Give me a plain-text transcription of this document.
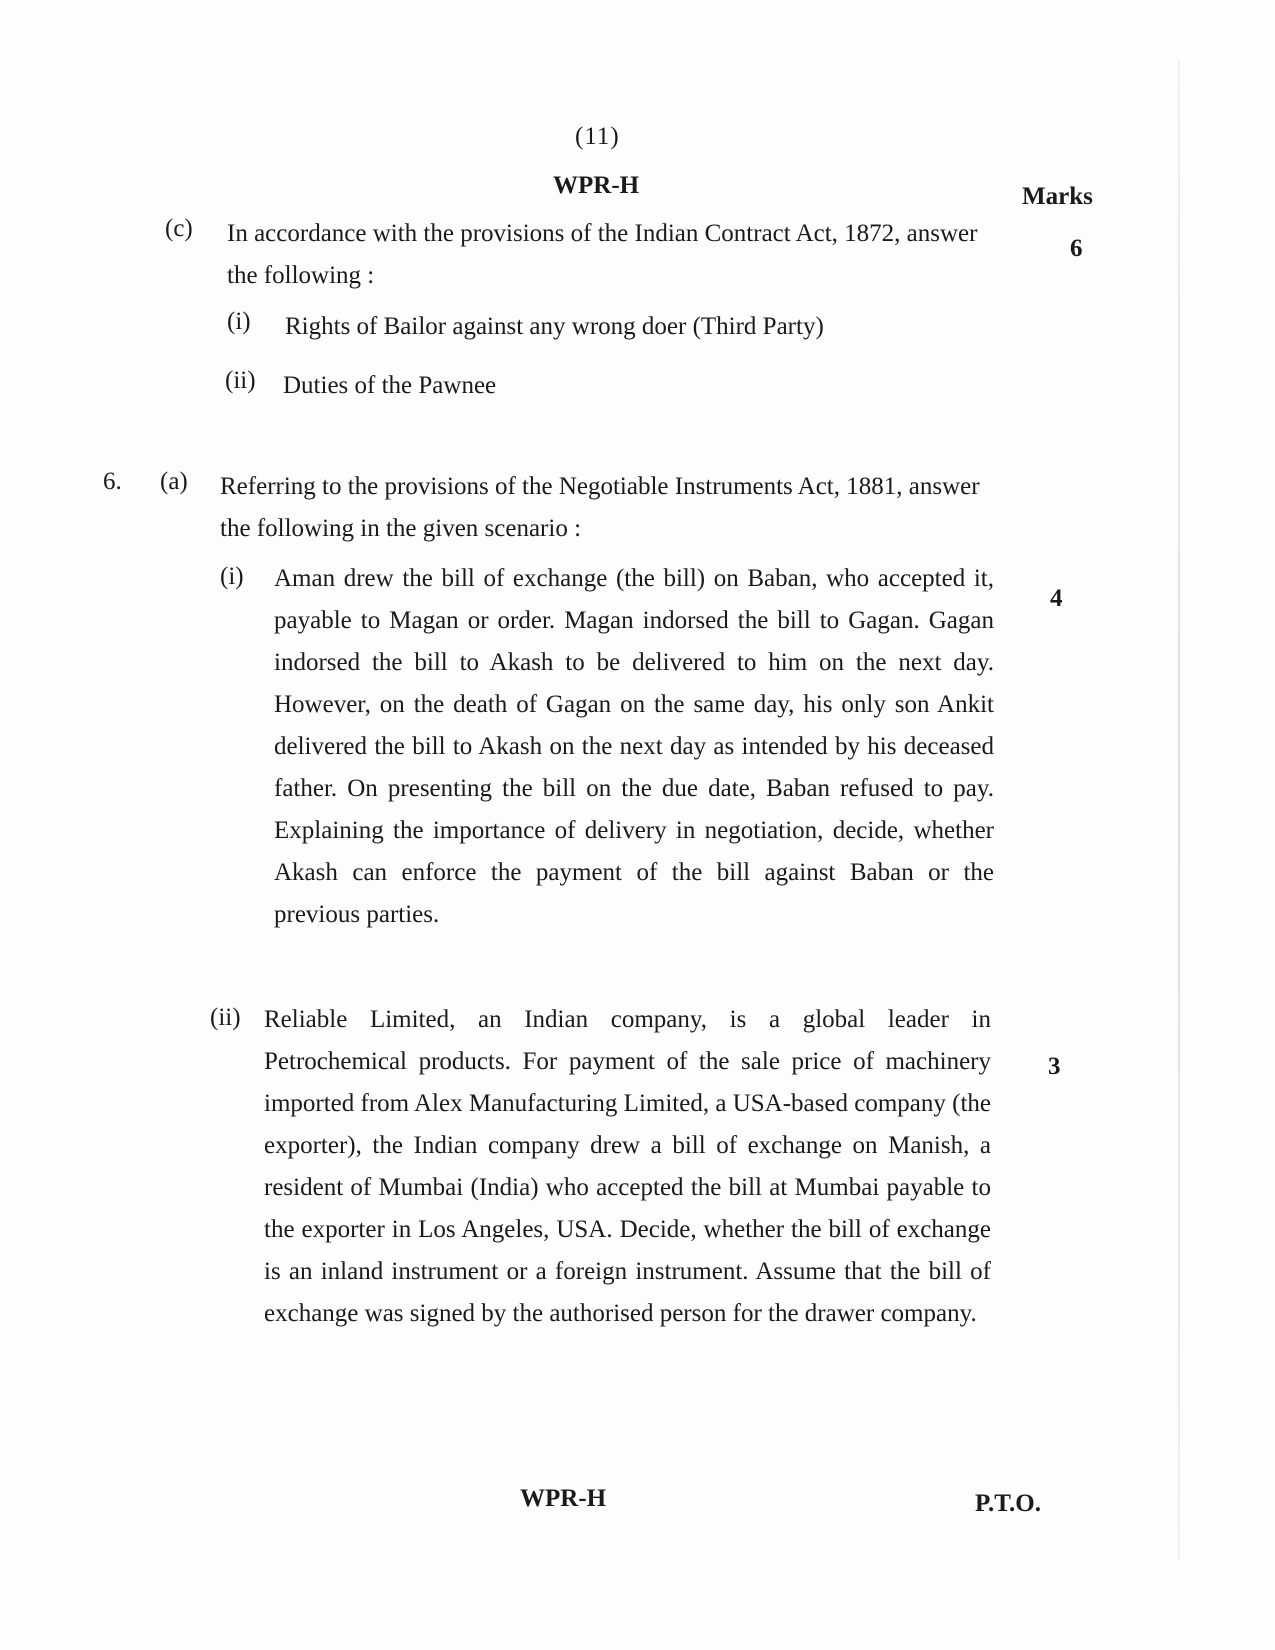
(11)
WPR-H	Marks
(c) In accordance with the provisions of the Indian Contract Act, 1872, answer the following :
6
(i) Rights of Bailor against any wrong doer (Third Party)
(ii) Duties of the Pawnee
6. (a) Referring to the provisions of the Negotiable Instruments Act, 1881, answer the following in the given scenario :
(i) Aman drew the bill of exchange (the bill) on Baban, who accepted it, payable to Magan or order. Magan indorsed the bill to Gagan. Gagan indorsed the bill to Akash to be delivered to him on the next day. However, on the death of Gagan on the same day, his only son Ankit delivered the bill to Akash on the next day as intended by his deceased father. On presenting the bill on the due date, Baban refused to pay. Explaining the importance of delivery in negotiation, decide, whether Akash can enforce the payment of the bill against Baban or the previous parties.
4
(ii) Reliable Limited, an Indian company, is a global leader in Petrochemical products. For payment of the sale price of machinery imported from Alex Manufacturing Limited, a USA-based company (the exporter), the Indian company drew a bill of exchange on Manish, a resident of Mumbai (India) who accepted the bill at Mumbai payable to the exporter in Los Angeles, USA. Decide, whether the bill of exchange is an inland instrument or a foreign instrument. Assume that the bill of exchange was signed by the authorised person for the drawer company.
3
WPR-H	P.T.O.
